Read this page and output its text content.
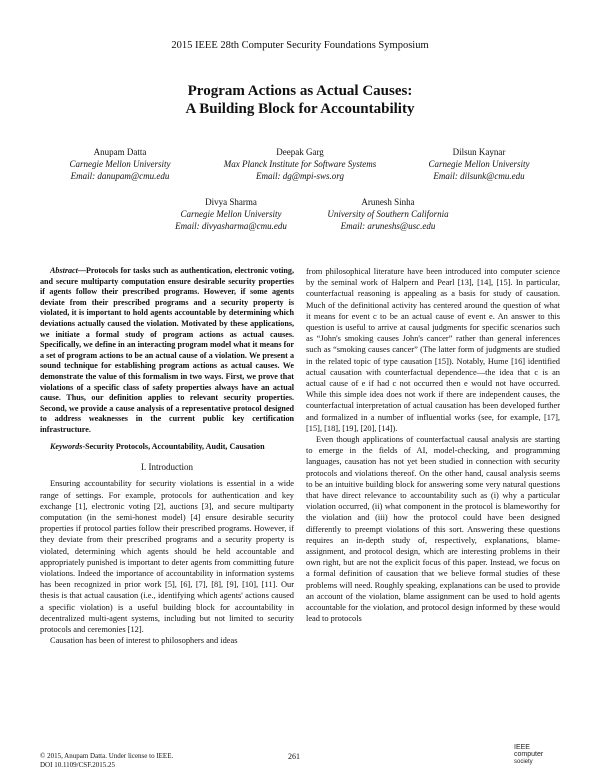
2015 IEEE 28th Computer Security Foundations Symposium
Program Actions as Actual Causes:
A Building Block for Accountability
Anupam Datta
Carnegie Mellon University
Email: danupam@cmu.edu
Deepak Garg
Max Planck Institute for Software Systems
Email: dg@mpi-sws.org
Dilsun Kaynar
Carnegie Mellon University
Email: dilsunk@cmu.edu
Divya Sharma
Carnegie Mellon University
Email: divyasharma@cmu.edu
Arunesh Sinha
University of Southern California
Email: aruneshs@usc.edu

Abstract—Protocols for tasks such as authentication, electronic voting, and secure multiparty computation ensure desirable security properties if agents follow their prescribed programs. However, if some agents deviate from their prescribed programs and a security property is violated, it is important to hold agents accountable by determining which deviations actually caused the violation. Motivated by these applications, we initiate a formal study of program actions as actual causes. Specifically, we define in an interacting program model what it means for a set of program actions to be an actual cause of a violation. We present a sound technique for establishing program actions as actual causes. We demonstrate the value of this formalism in two ways. First, we prove that violations of a specific class of safety properties always have an actual cause. Thus, our definition applies to relevant security properties. Second, we provide a cause analysis of a representative protocol designed to address weaknesses in the current public key certification infrastructure.

Keywords-Security Protocols, Accountability, Audit, Causation

I. Introduction

Ensuring accountability for security violations is essential in a wide range of settings. For example, protocols for authentication and key exchange [1], electronic voting [2], auctions [3], and secure multiparty computation (in the semi-honest model) [4] ensure desirable security properties if protocol parties follow their prescribed programs. However, if they deviate from their prescribed programs and a security property is violated, determining which agents should be held accountable and appropriately punished is important to deter agents from committing future violations. Indeed the importance of accountability in information systems has been recognized in prior work [5], [6], [7], [8], [9], [10], [11]. Our thesis is that actual causation (i.e., identifying which agents' actions caused a specific violation) is a useful building block for accountability in decentralized multi-agent systems, including but not limited to security protocols and ceremonies [12].

Causation has been of interest to philosophers and ideas

from philosophical literature have been introduced into computer science by the seminal work of Halpern and Pearl [13], [14], [15]. In particular, counterfactual reasoning is appealing as a basis for study of causation. Much of the definitional activity has centered around the question of what it means for event c to be an actual cause of event e. An answer to this question is useful to arrive at causal judgments for specific scenarios such as “John's smoking causes John's cancer” rather than general inferences such as “smoking causes cancer” (The latter form of judgments are studied in the related topic of type causation [15]). Notably, Hume [16] identified actual causation with counterfactual dependence—the idea that c is an actual cause of e if had c not occurred then e would not have occurred. While this simple idea does not work if there are independent causes, the counterfactual interpretation of actual causation has been developed further and formalized in a number of influential works (see, for example, [17], [15], [18], [19], [20], [14]).

Even though applications of counterfactual causal analysis are starting to emerge in the fields of AI, model-checking, and programming languages, causation has not yet been studied in connection with security protocols and violations thereof. On the other hand, causal analysis seems to be an intuitive building block for answering some very natural questions that have direct relevance to accountability such as (i) why a particular violation occurred, (ii) what component in the protocol is blameworthy for the violation and (iii) how the protocol could have been designed differently to preempt violations of this sort. Answering these questions requires an in-depth study of, respectively, explanations, blame-assignment, and protocol design, which are interesting problems in their own right, but are not the explicit focus of this paper. Instead, we focus on a formal definition of causation that we believe formal studies of these problems will need. Roughly speaking, explanations can be used to provide an account of the violation, blame assignment can be used to hold agents accountable for the violation, and protocol design informed by these would lead to protocols

© 2015, Anupam Datta. Under license to IEEE.
DOI 10.1109/CSF.2015.25
261
IEEE
computer
society
